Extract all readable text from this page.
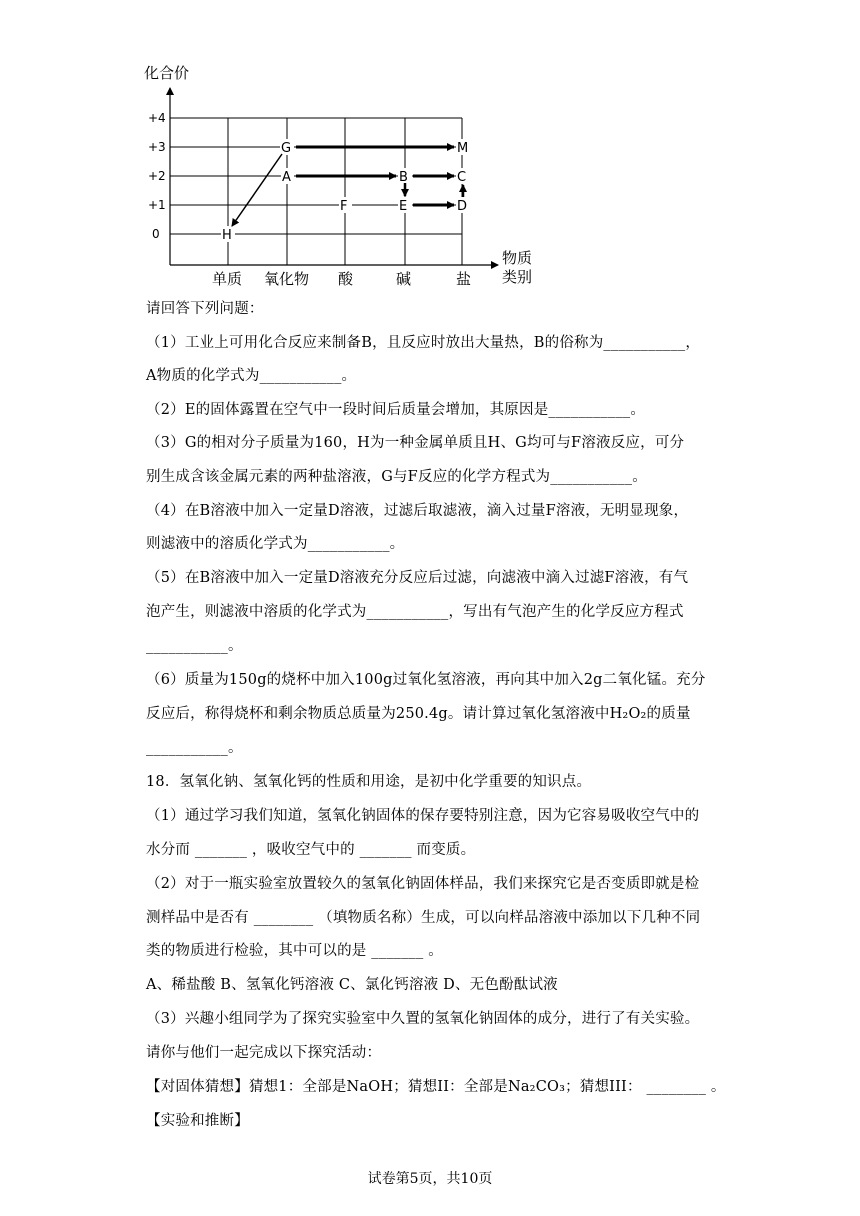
化合价
物质
类别
+4
+3
+2
+1
0
单质 氧化物 酸	碱	盐
G	M
A	B	C
F	E	D
H
请回答下列问题：
（1）工业上可用化合反应来制备B，且反应时放出大量热，B的俗称为___________，
A物质的化学式为___________。
（2）E的固体露置在空气中一段时间后质量会增加，其原因是___________。
（3）G的相对分子质量为160，H为一种金属单质且H、G均可与F溶液反应，可分
别生成含该金属元素的两种盐溶液，G与F反应的化学方程式为___________。
（4）在B溶液中加入一定量D溶液，过滤后取滤液，滴入过量F溶液，无明显现象，
则滤液中的溶质化学式为___________。
（5）在B溶液中加入一定量D溶液充分反应后过滤，向滤液中滴入过滤F溶液，有气
泡产生，则滤液中溶质的化学式为___________，写出有气泡产生的化学反应方程式
___________。
（6）质量为150g的烧杯中加入100g过氧化氢溶液，再向其中加入2g二氧化锰。充分
反应后，称得烧杯和剩余物质总质量为250.4g。请计算过氧化氢溶液中H₂O₂的质量
___________。
18．氢氧化钠、氢氧化钙的性质和用途，是初中化学重要的知识点。
（1）通过学习我们知道，氢氧化钠固体的保存要特别注意，因为它容易吸收空气中的
水分而 _______ ，吸收空气中的 _______ 而变质。
（2）对于一瓶实验室放置较久的氢氧化钠固体样品，我们来探究它是否变质即就是检
测样品中是否有 ________ （填物质名称）生成，可以向样品溶液中添加以下几种不同
类的物质进行检验，其中可以的是 _______ 。
A、稀盐酸 B、氢氧化钙溶液 C、氯化钙溶液 D、无色酚酞试液
（3）兴趣小组同学为了探究实验室中久置的氢氧化钠固体的成分，进行了有关实验。
请你与他们一起完成以下探究活动：
【对固体猜想】猜想1：全部是NaOH；猜想II：全部是Na₂CO₃；猜想III： ________ 。
【实验和推断】
试卷第5页，共10页
